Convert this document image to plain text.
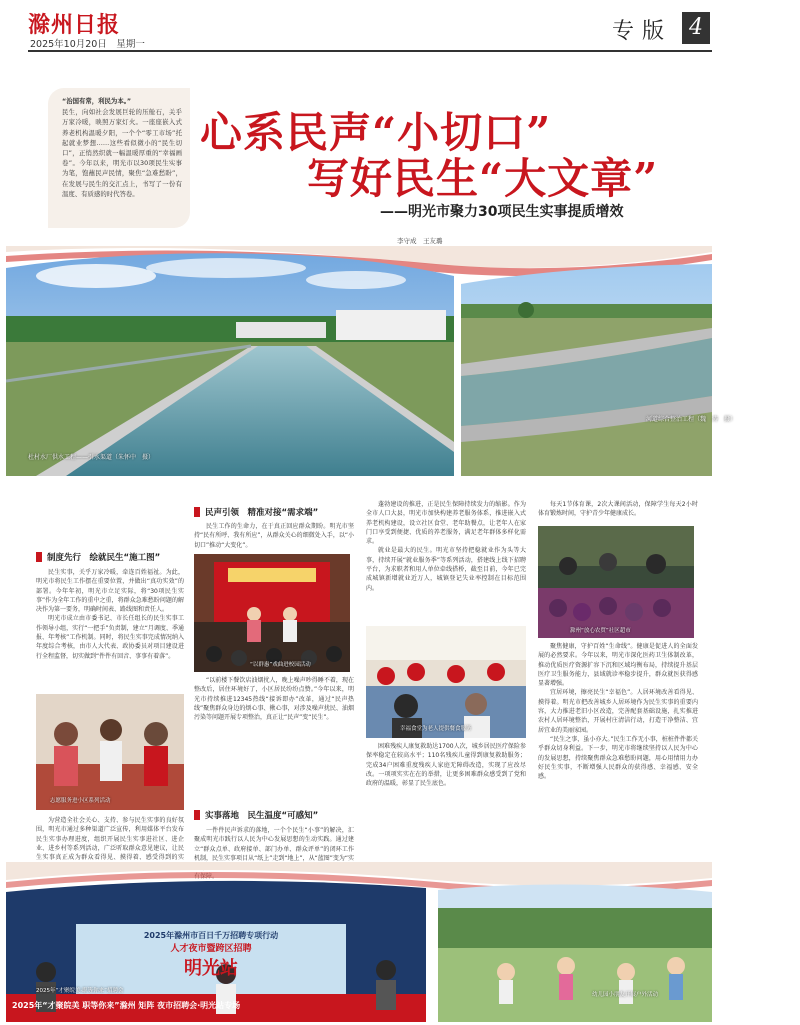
滁州日报
2025年10月20日　星期一
专版 4
“治国有常，利民为本。”
民生，向如社会发展巨轮的压舱石，关乎万家冷暖，映照万家灯火。一座座嵌入式养老机构温暖夕阳，一个个“零工市场”托起就业梦想……这些看似微小的“民生切口”，正悄然织就一幅温暖厚重的“幸福画卷”。今年以来，明光市以30项民生实事为笔，饱蘸民声民情，聚焦“急难愁盼”，在发展与民生的交汇点上，书写了一份有温度、有质感的时代答卷。
心系民声“小切口”
写好民生“大文章”
——明光市聚力30项民生实事提质增效
李守成　王友璐
杜村水厂供水工程——引水渠道（朱怀中　摄）
河道综合整治工程（魏　涛　摄）
制度先行　绘就民生“施工图”

民生实事，关乎万家冷暖，牵连百姓福祉。为此，明光市将民生工作摆在重要位置，并做出“真功实效”的部署。今年年初，明光市立足实际，将“30项民生实事”作为全年工作的重中之重，将群众急难愁盼问题的解决作为第一要务，明确时间表、路线图和责任人。

明光市成立由市委书记、市长任组长的民生实事工作领导小组，实行“一把手”负责制，建立“月调度、季通报、年考核”工作机制。同时，将民生实事完成情况纳入年度综合考核，由市人大代表、政协委员对项目建设进行全程监督，切实做到“件件有回音、事事有着落”。

志愿服务进小区系列活动

为营造全社会关心、支持、参与民生实事的良好氛围，明光市通过多种渠道广泛宣传，利用媒体平台发布民生实事办理进度，组织开展民生实事进社区、进企业、进乡村等系列活动，广泛听取群众意见建议，让民生实事真正成为群众看得见、摸得着、感受得到的实

民声引领　精准对接“需求端”

民生工作的生命力，在于真正回应群众期盼。明光市坚持“民有所呼、我有所应”，从群众关心的细微处入手，以“小切口”推动“大变化”。

“以群惠”戏曲进校园活动

“以前楼下餐饮店油烟扰人，晚上噪声吵得睡不着，现在整改后，居住环境好了，小区居民纷纷点赞。”今年以来，明光市持续推进12345热线“接诉即办”改革，通过“民声热线”聚焦群众身边的烦心事、揪心事，对涉及噪声扰民、油烟污染等问题开展专项整治，真正让“民声”变“民生”。

实事落地　民生温度“可感知”

一件件民声诉求的落地，一个个民生“小事”的解决，汇聚成明光市践行以人民为中心发展思想的生动实践。通过建立“群众点单、政府接单、部门办单、群众评单”的闭环工作机制，民生实事项目从“纸上”走到“地上”，从“蓝图”变为“实

蓬勃建设的推进，正是民生保障持续发力的缩影。作为全市人口大县，明光市加快构建养老服务体系，推进嵌入式养老机构建设，设立社区食堂、老年助餐点，让老年人在家门口享受到便捷、优质的养老服务，满足老年群体多样化需求。

就业是最大的民生。明光市坚持把稳就业作为头等大事，持续开展“就业服务季”等系列活动，搭建线上线下招聘平台，为求职者和用人单位牵线搭桥，截至目前，今年已完成城镇新增就业近万人，城镇登记失业率控制在目标范围内。

幸福食堂为老人提供餐食服务

困难残疾人康复救助达1700人次，城乡居民医疗保险参保率稳定在较高水平；110名残疾儿童得到康复救助服务；完成34户困难重度残疾人家庭无障碍改造，实现了应改尽改。一项项实实在在的举措，让更多困难群众感受到了党和政府的温暖，彰显了民生底色。

每天1节体育课，2次大课间活动，保障学生每天2小时体育锻炼时间，守护青少年健康成长。

滁州“放心农贸”社区超市

聚焦健康，守护百姓“生命线”。健康是促进人的全面发展的必然要求。今年以来，明光市深化医药卫生体制改革，推动优质医疗资源扩容下沉和区域均衡布局，持续提升基层医疗卫生服务能力，县域就诊率稳步提升，群众就医获得感显著增强。

宜居环境，擦亮民生“幸福色”。人居环境改善看得见、摸得着。明光市把改善城乡人居环境作为民生实事的重要内容，大力推进老旧小区改造，完善配套基础设施，扎实推进农村人居环境整治，开展村庄清洁行动，打造干净整洁、宜居宜业的美丽家园。

“民生之事，虽小亦大。”民生工作无小事，桩桩件件都关乎群众切身利益。下一步，明光市将继续坚持以人民为中心的发展思想，持续聚焦群众急难愁盼问题，用心用情用力办好民生实事，不断增强人民群众的获得感、幸福感、安全感。

2025年滁州市百日千万招聘专项行动
人才夜市暨跨区招聘
明光站
2025年“才聚皖美 职等你来”滁州 矩阵 夜市招聘会·明光站专场
2025年“才聚皖美·职等你来”招聘会
幼儿园小朋友开展户外活动
